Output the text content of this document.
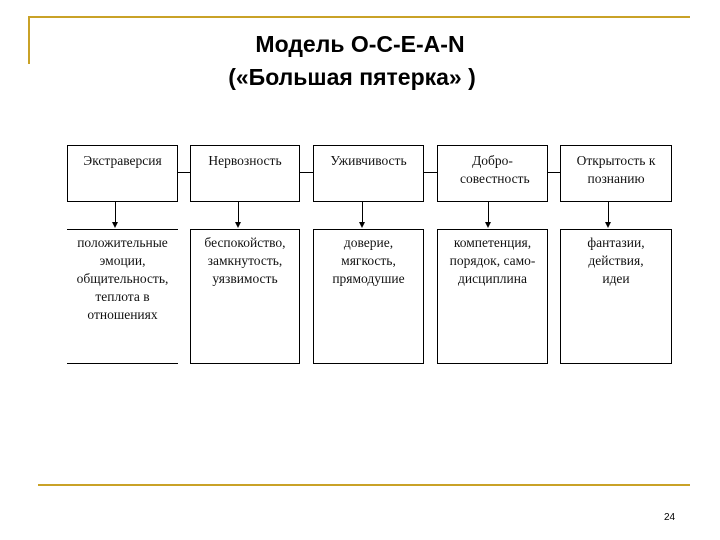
Модель O-C-E-A-N
(«Большая пятерка» )
Экстраверсия	Нервозность	Уживчивость	Добро- совестность
Открытость к познанию
положительные эмоции, общительность, теплота в отношениях
беспокойство, замкнутость, уязвимость
доверие, мягкость, прямодушие
компетенция, порядок, само- дисциплина
фантазии, действия, идеи
24
